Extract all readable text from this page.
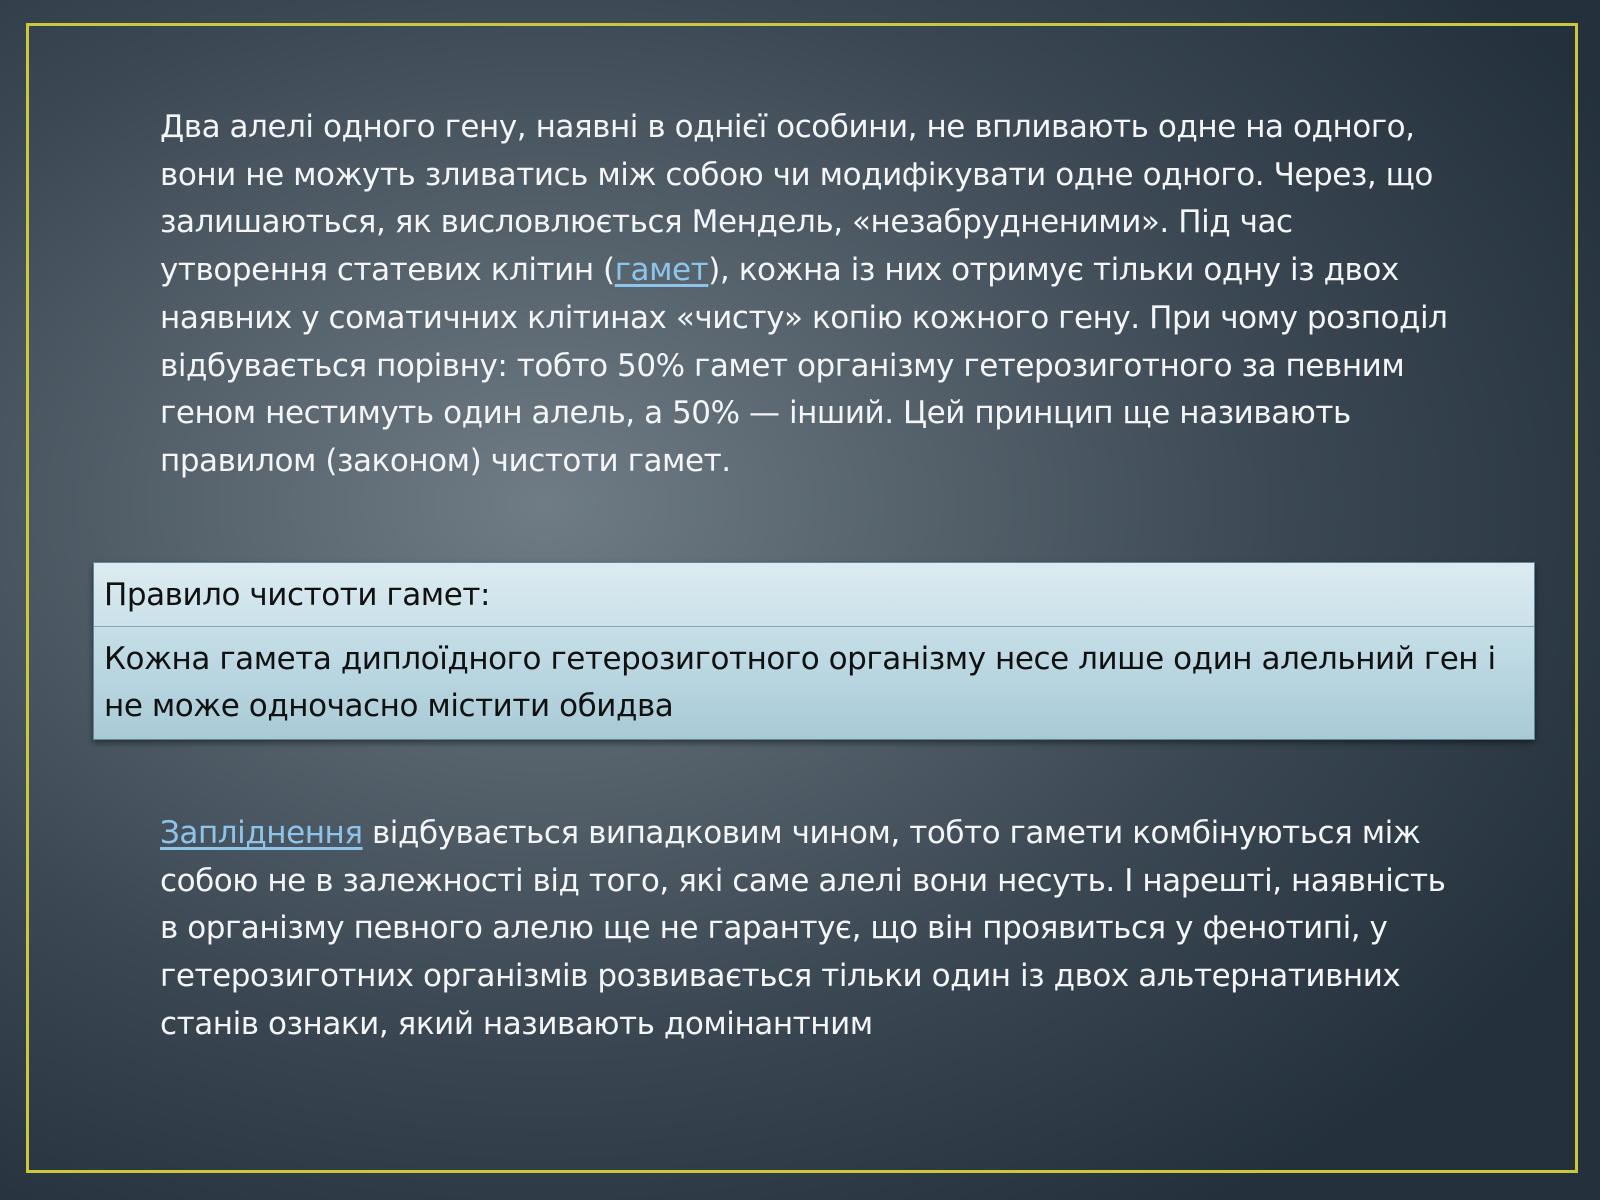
Два алелі одного гену, наявні в однієї особини, не впливають одне на одного, вони не можуть зливатись між собою чи модифікувати одне одного. Через, що залишаються, як висловлюється Мендель, «незабрудненими». Під час утворення статевих клітин (гамет), кожна із них отримує тільки одну із двох наявних у соматичних клітинах «чисту» копію кожного гену. При чому розподіл відбувається порівну: тобто 50% гамет організму гетерозиготного за певним геном нестимуть один алель, а 50% — інший. Цей принцип ще називають правилом (законом) чистоти гамет.

Правило чистоти гамет:
Кожна гамета диплоїдного гетерозиготного організму несе лише один алельний ген і не може одночасно містити обидва

Запліднення відбувається випадковим чином, тобто гамети комбінуються між собою не в залежності від того, які саме алелі вони несуть. І нарешті, наявність в організму певного алелю ще не гарантує, що він проявиться у фенотипі, у гетерозиготних організмів розвивається тільки один із двох альтернативних станів ознаки, який називають домінантним
